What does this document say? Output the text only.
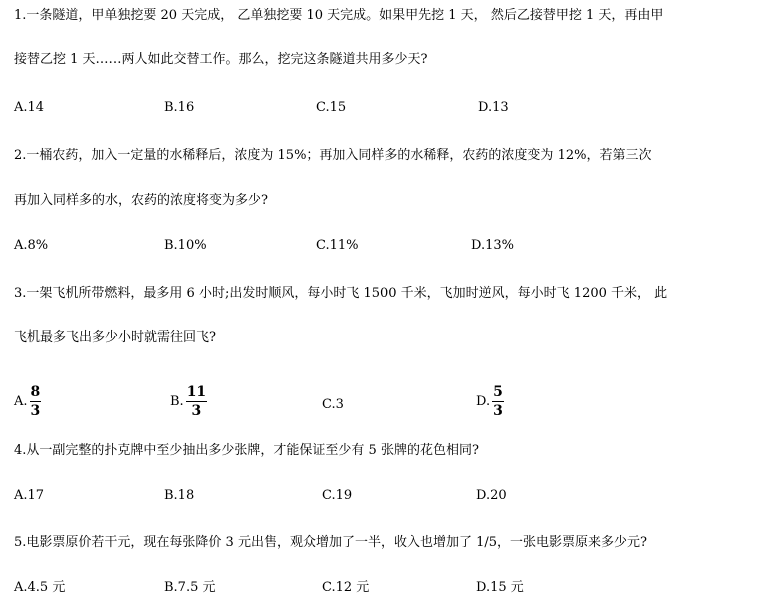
1.一条隧道，甲单独挖要 20 天完成， 乙单独挖要 10 天完成。如果甲先挖 1 天， 然后乙接替甲挖 1 天，再由甲
接替乙挖 1 天……两人如此交替工作。那么，挖完这条隧道共用多少天?
A.14	B.16	C.15	D.13
2.一桶农药，加入一定量的水稀释后，浓度为 15%；再加入同样多的水稀释，农药的浓度变为 12%，若第三次
再加入同样多的水，农药的浓度将变为多少?
A.8%	B.10%	C.11%	D.13%
3.一架飞机所带燃料，最多用 6 小时;出发时顺风，每小时飞 1500 千米，飞加时逆风，每小时飞 1200 千米， 此
飞机最多飞出多少小时就需往回飞?
A. $\frac{8}{3}$	B. $\frac{11}{3}$	C.3	D. $\frac{5}{3}$
4.从一副完整的扑克牌中至少抽出多少张牌，才能保证至少有 5 张牌的花色相同?
A.17	B.18	C.19	D.20
5.电影票原价若干元，现在每张降价 3 元出售，观众增加了一半，收入也增加了 1/5，一张电影票原来多少元?
A.4.5 元	B.7.5 元	C.12 元	D.15 元
